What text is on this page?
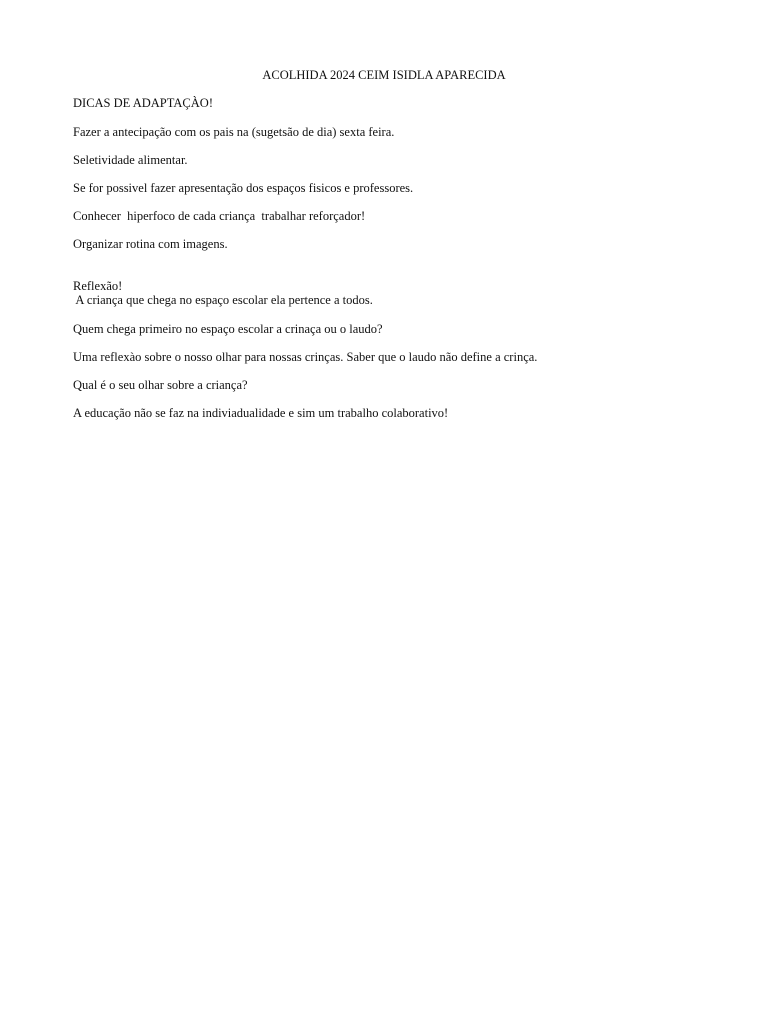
ACOLHIDA 2024 CEIM ISIDLA APARECIDA
DICAS DE ADAPTAÇÀO!
Fazer a antecipação com os pais na (sugetsão de dia) sexta feira.
Seletividade alimentar.
Se for possivel fazer apresentação dos espaços fisicos e professores.
Conhecer  hiperfoco de cada criança  trabalhar reforçador!
Organizar rotina com imagens.
Reflexão!
A criança que chega no espaço escolar ela pertence a todos.
Quem chega primeiro no espaço escolar a crinaça ou o laudo?
Uma reflexào sobre o nosso olhar para nossas crinças. Saber que o laudo não define a crinça.
Qual é o seu olhar sobre a criança?
A educação não se faz na indiviadualidade e sim um trabalho colaborativo!
